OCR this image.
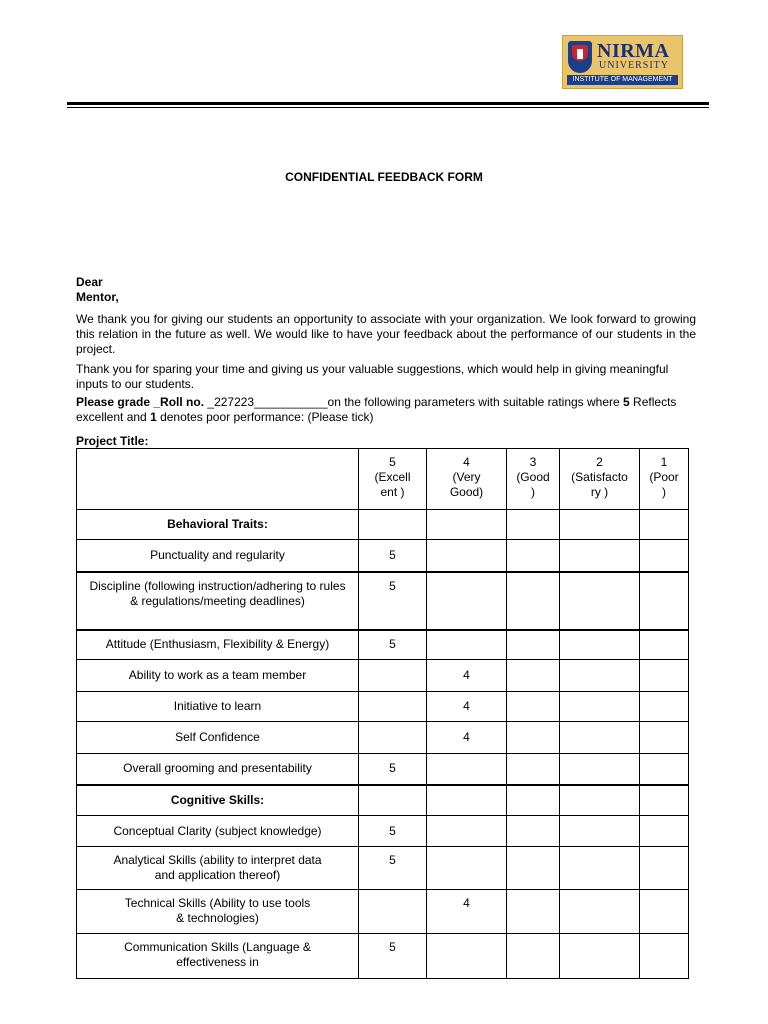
NIRMA
UNIVERSITY
INSTITUTE OF MANAGEMENT
CONFIDENTIAL FEEDBACK FORM
Dear
Mentor,
We thank you for giving our students an opportunity to associate with your organization. We look forward to growing this relation in the future as well. We would like to have your feedback about the performance of our students in the project.
Thank you for sparing your time and giving us your valuable suggestions, which would help in giving meaningful inputs to our students.
Please grade _Roll no. _227223___________on the following parameters with suitable ratings where 5 Reflects excellent and 1 denotes poor performance: (Please tick)
Project Title:
	5
(Excell
ent )	4
(Very
Good)	3
(Good
)	2
(Satisfacto
ry )	1
(Poor
)
Behavioral Traits:					
Punctuality and regularity	5				
Discipline (following instruction/adhering to rules
& regulations/meeting deadlines)	5				
Attitude (Enthusiasm, Flexibility & Energy)	5				
Ability to work as a team member		4			
Initiative to learn		4			
Self Confidence		4			
Overall grooming and presentability	5				
Cognitive Skills:					
Conceptual Clarity (subject knowledge)	5				
Analytical Skills (ability to interpret data
and application thereof)	5				
Technical Skills (Ability to use tools
& technologies)		4			
Communication Skills (Language &
effectiveness in	5				
